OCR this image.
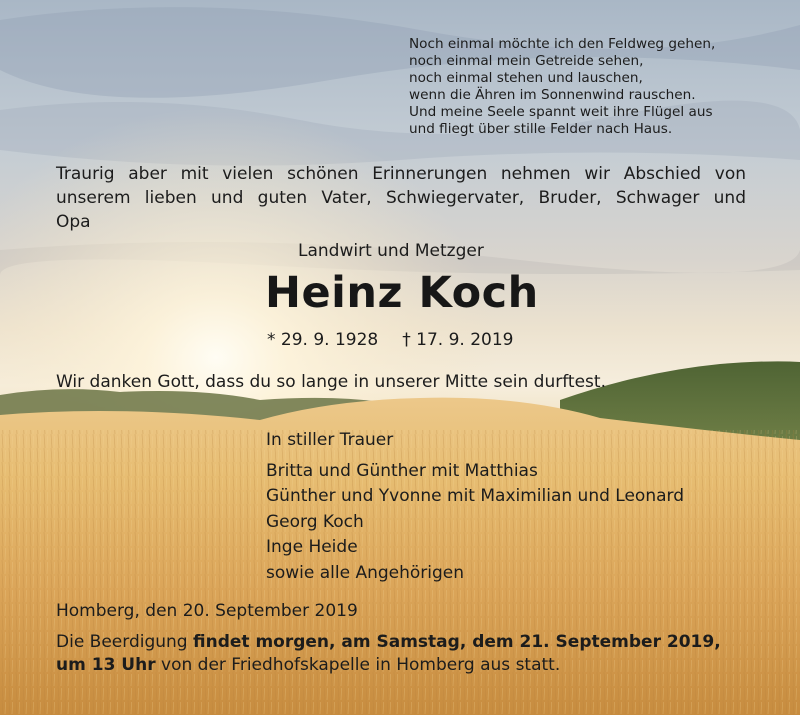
Noch einmal möchte ich den Feldweg gehen,
noch einmal mein Getreide sehen,
noch einmal stehen und lauschen,
wenn die Ähren im Sonnenwind rauschen.
Und meine Seele spannt weit ihre Flügel aus
und fliegt über stille Felder nach Haus.
Traurig aber mit vielen schönen Erinnerungen nehmen wir Abschied von
unserem lieben und guten Vater, Schwiegervater, Bruder, Schwager und
Opa
Landwirt und Metzger
Heinz Koch
* 29. 9. 1928 † 17. 9. 2019
Wir danken Gott, dass du so lange in unserer Mitte sein durftest.
In stiller Trauer
Britta und Günther mit Matthias
Günther und Yvonne mit Maximilian und Leonard
Georg Koch
Inge Heide
sowie alle Angehörigen
Homberg, den 20. September 2019
Die Beerdigung findet morgen, am Samstag, dem 21. September 2019,
um 13 Uhr von der Friedhofskapelle in Homberg aus statt.
